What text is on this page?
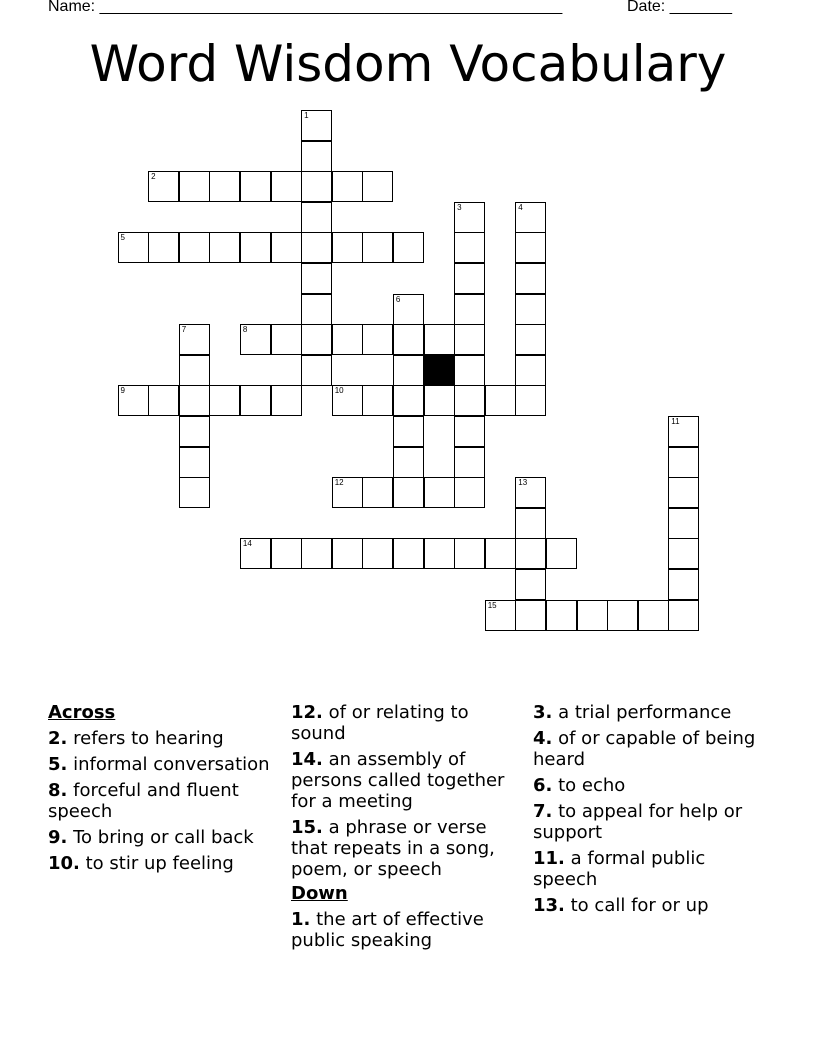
Name: ____________________________________________________	Date: _______
Word Wisdom Vocabulary
1
2
3	4
5
6
7	8
9	10
11
12	13
14
15
Across
2. refers to hearing
5. informal conversation
8. forceful and fluent speech
9. To bring or call back
10. to stir up feeling
12. of or relating to sound
14. an assembly of persons called together for a meeting
15. a phrase or verse that repeats in a song, poem, or speech
Down
1. the art of effective public speaking
3. a trial performance
4. of or capable of being heard
6. to echo
7. to appeal for help or support
11. a formal public speech
13. to call for or up
